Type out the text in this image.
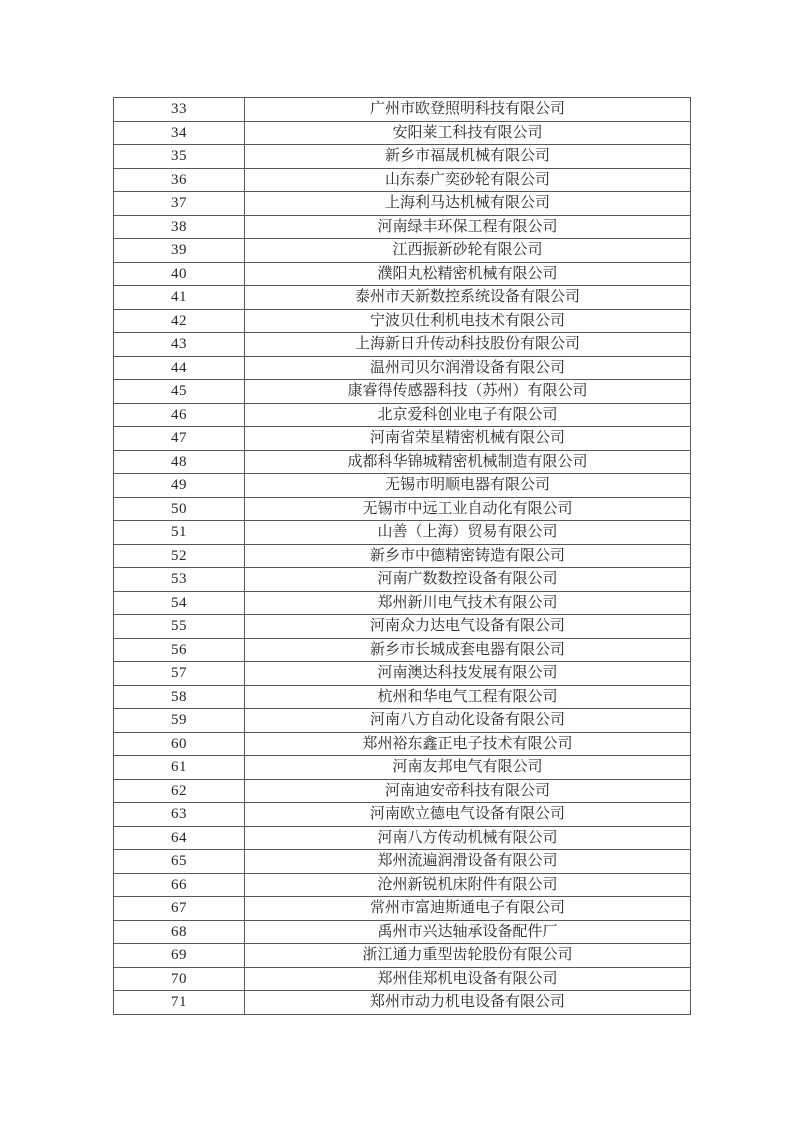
33	广州市欧登照明科技有限公司
34	安阳莱工科技有限公司
35	新乡市福晟机械有限公司
36	山东泰广奕砂轮有限公司
37	上海利马达机械有限公司
38	河南绿丰环保工程有限公司
39	江西振新砂轮有限公司
40	濮阳丸松精密机械有限公司
41	泰州市天新数控系统设备有限公司
42	宁波贝仕利机电技术有限公司
43	上海新日升传动科技股份有限公司
44	温州司贝尔润滑设备有限公司
45	康睿得传感器科技（苏州）有限公司
46	北京爱科创业电子有限公司
47	河南省荣星精密机械有限公司
48	成都科华锦城精密机械制造有限公司
49	无锡市明顺电器有限公司
50	无锡市中远工业自动化有限公司
51	山善（上海）贸易有限公司
52	新乡市中德精密铸造有限公司
53	河南广数数控设备有限公司
54	郑州新川电气技术有限公司
55	河南众力达电气设备有限公司
56	新乡市长城成套电器有限公司
57	河南澳达科技发展有限公司
58	杭州和华电气工程有限公司
59	河南八方自动化设备有限公司
60	郑州裕东鑫正电子技术有限公司
61	河南友邦电气有限公司
62	河南迪安帝科技有限公司
63	河南欧立德电气设备有限公司
64	河南八方传动机械有限公司
65	郑州流遍润滑设备有限公司
66	沧州新锐机床附件有限公司
67	常州市富迪斯通电子有限公司
68	禹州市兴达轴承设备配件厂
69	浙江通力重型齿轮股份有限公司
70	郑州佳郑机电设备有限公司
71	郑州市动力机电设备有限公司
